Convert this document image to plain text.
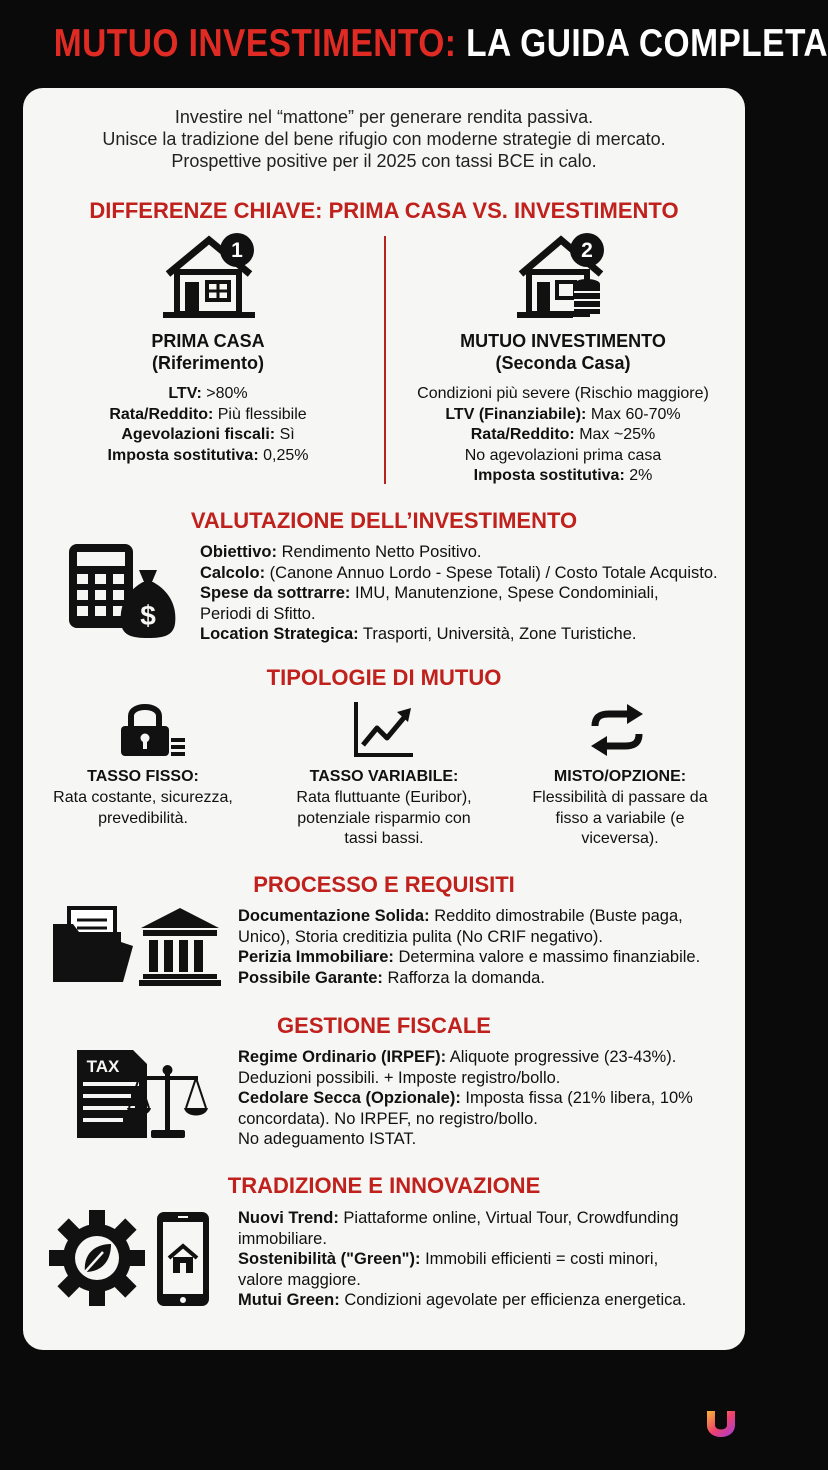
MUTUO INVESTIMENTO: LA GUIDA COMPLETA
Investire nel “mattone” per generare rendita passiva.
Unisce la tradizione del bene rifugio con moderne strategie di mercato.
Prospettive positive per il 2025 con tassi BCE in calo.
DIFFERENZE CHIAVE: PRIMA CASA VS. INVESTIMENTO
1
PRIMA CASA
(Riferimento)
LTV: >80%
Rata/Reddito: Più flessibile
Agevolazioni fiscali: Sì
Imposta sostitutiva: 0,25%
2
MUTUO INVESTIMENTO
(Seconda Casa)
Condizioni più severe (Rischio maggiore)
LTV (Finanziabile): Max 60-70%
Rata/Reddito: Max ~25%
No agevolazioni prima casa
Imposta sostitutiva: 2%
VALUTAZIONE DELL’INVESTIMENTO
$
Obiettivo: Rendimento Netto Positivo.
Calcolo: (Canone Annuo Lordo - Spese Totali) / Costo Totale Acquisto.
Spese da sottrarre: IMU, Manutenzione, Spese Condominiali,
Periodi di Sfitto.
Location Strategica: Trasporti, Università, Zone Turistiche.
TIPOLOGIE DI MUTUO
TASSO FISSO:
Rata costante, sicurezza,
prevedibilità.
TASSO VARIABILE:
Rata fluttuante (Euribor),
potenziale risparmio con
tassi bassi.
MISTO/OPZIONE:
Flessibilità di passare da
fisso a variabile (e
viceversa).
PROCESSO E REQUISITI
Documentazione Solida: Reddito dimostrabile (Buste paga,
Unico), Storia creditizia pulita (No CRIF negativo).
Perizia Immobiliare: Determina valore e massimo finanziabile.
Possibile Garante: Rafforza la domanda.
GESTIONE FISCALE
TAX	Regime Ordinario (IRPEF): Aliquote progressive (23-43%).
Deduzioni possibili. + Imposte registro/bollo.
Cedolare Secca (Opzionale): Imposta fissa (21% libera, 10%
concordata). No IRPEF, no registro/bollo.
No adeguamento ISTAT.
TRADIZIONE E INNOVAZIONE
Nuovi Trend: Piattaforme online, Virtual Tour, Crowdfunding
immobiliare.
Sostenibilità ("Green"): Immobili efficienti = costi minori,
valore maggiore.
Mutui Green: Condizioni agevolate per efficienza energetica.
